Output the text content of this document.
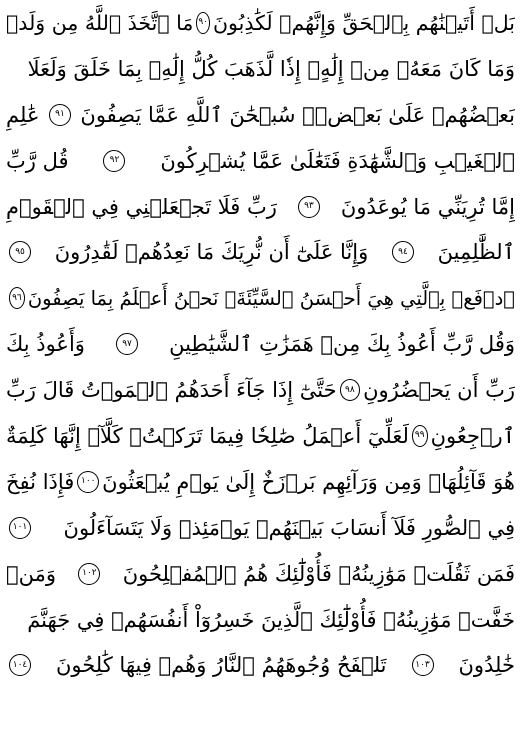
بَلۡ أَتَيۡنَٰهُم بِٱلۡحَقِّ وَإِنَّهُمۡ لَكَٰذِبُونَ
٩٠
مَا ٱتَّخَذَ ٱللَّهُ مِن وَلَدٖ
وَمَا كَانَ مَعَهُۥ مِنۡ إِلَٰهٍۚ إِذٗا لَّذَهَبَ كُلُّ إِلَٰهِۭ بِمَا خَلَقَ وَلَعَلَا
بَعۡضُهُمۡ عَلَىٰ بَعۡضٖۚ سُبۡحَٰنَ ٱللَّهِ عَمَّا يَصِفُونَ
٩١
عَٰلِمِ
ٱلۡغَيۡبِ وَٱلشَّهَٰدَةِ فَتَعَٰلَىٰ عَمَّا يُشۡرِكُونَ
٩٢
قُل رَّبِّ
إِمَّا تُرِيَنِّي مَا يُوعَدُونَ
٩٣
رَبِّ فَلَا تَجۡعَلۡنِي فِي ٱلۡقَوۡمِ
ٱلظَّٰلِمِينَ
٩٤
وَإِنَّا عَلَىٰٓ أَن نُّرِيَكَ مَا نَعِدُهُمۡ لَقَٰدِرُونَ
٩٥
ٱدۡفَعۡ بِٱلَّتِي هِيَ أَحۡسَنُ ٱلسَّيِّئَةَۚ نَحۡنُ أَعۡلَمُ بِمَا يَصِفُونَ
٩٦
وَقُل رَّبِّ أَعُوذُ بِكَ مِنۡ هَمَزَٰتِ ٱلشَّيَٰطِينِ
٩٧
وَأَعُوذُ بِكَ
رَبِّ أَن يَحۡضُرُونِ
٩٨
حَتَّىٰٓ إِذَا جَآءَ أَحَدَهُمُ ٱلۡمَوۡتُ قَالَ رَبِّ
ٱرۡجِعُونِ
٩٩
لَعَلِّيٓ أَعۡمَلُ صَٰلِحٗا فِيمَا تَرَكۡتُۚ كَلَّآۚ إِنَّهَا كَلِمَةٌ
هُوَ قَآئِلُهَاۖ وَمِن وَرَآئِهِم بَرۡزَخٌ إِلَىٰ يَوۡمِ يُبۡعَثُونَ
١٠٠
فَإِذَا نُفِخَ
فِي ٱلصُّورِ فَلَآ أَنسَابَ بَيۡنَهُمۡ يَوۡمَئِذٖ وَلَا يَتَسَآءَلُونَ
١٠١
فَمَن ثَقُلَتۡ مَوَٰزِينُهُۥ فَأُوْلَٰٓئِكَ هُمُ ٱلۡمُفۡلِحُونَ
١٠٢
وَمَنۡ
خَفَّتۡ مَوَٰزِينُهُۥ فَأُوْلَٰٓئِكَ ٱلَّذِينَ خَسِرُوٓاْ أَنفُسَهُمۡ فِي جَهَنَّمَ
خَٰلِدُونَ
١٠٣
تَلۡفَحُ وُجُوهَهُمُ ٱلنَّارُ وَهُمۡ فِيهَا كَٰلِحُونَ
١٠٤
